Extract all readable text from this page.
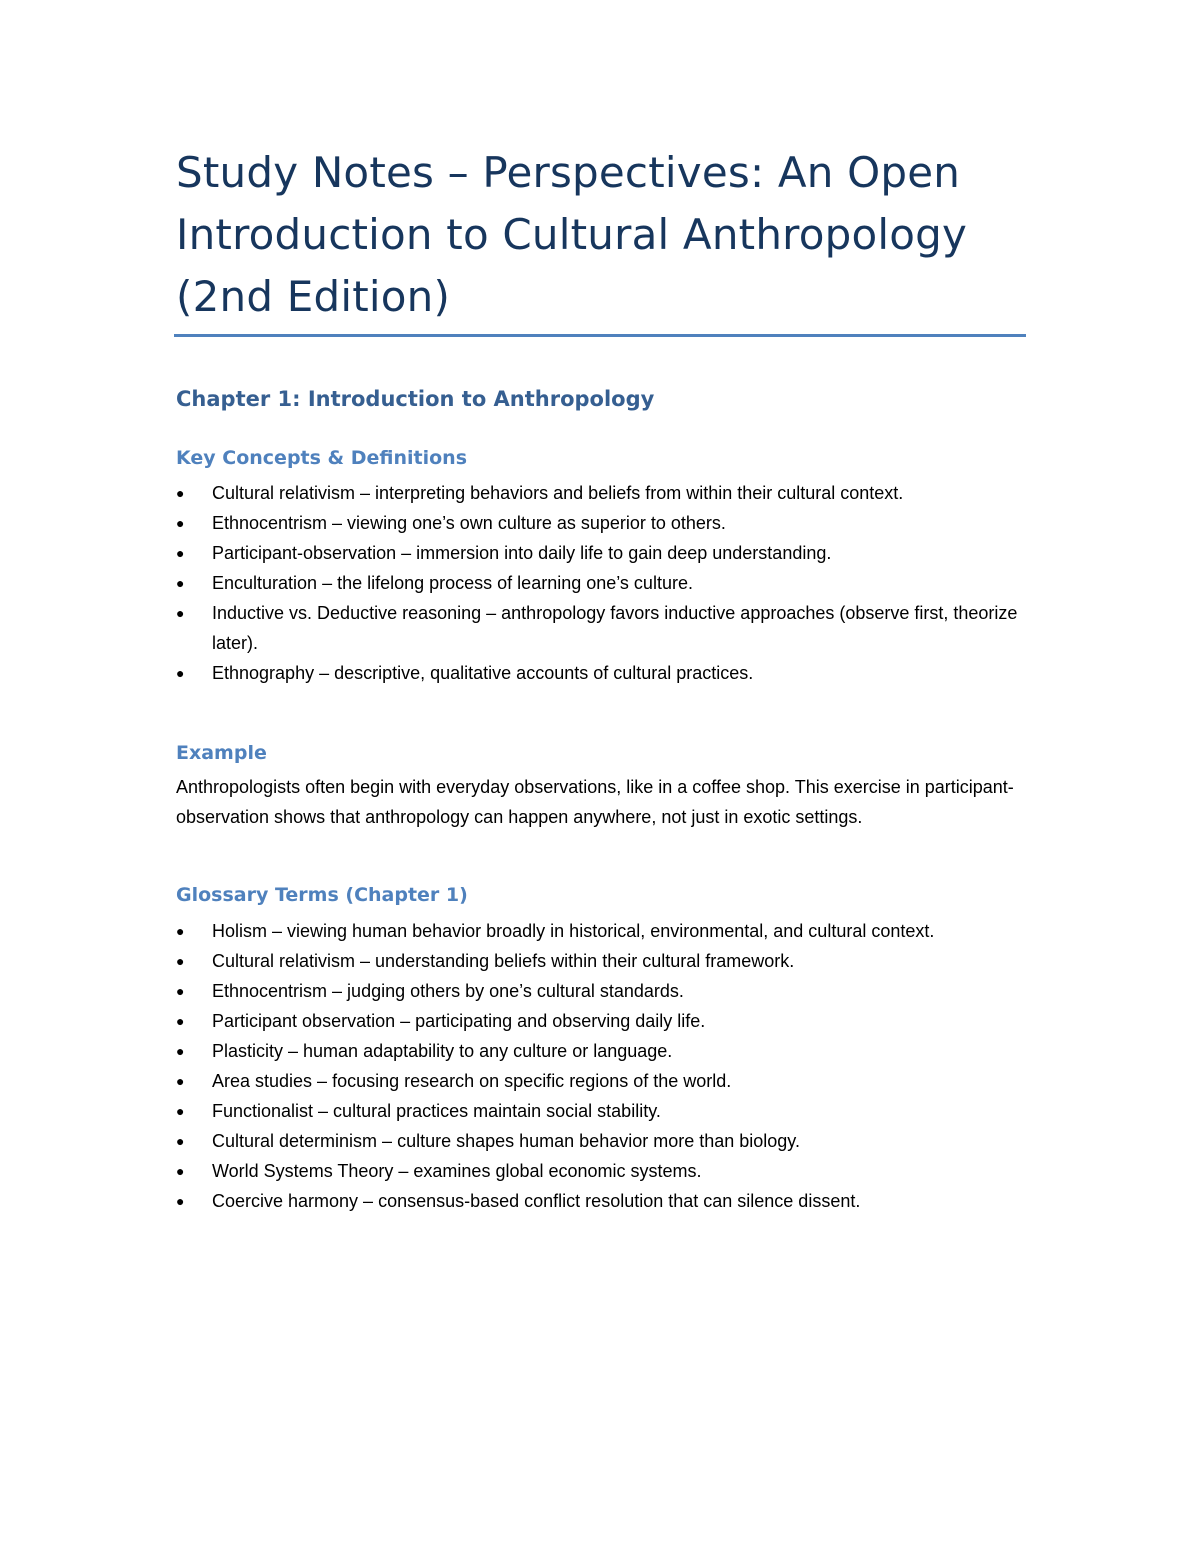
Study Notes – Perspectives: An Open Introduction to Cultural Anthropology (2nd Edition)
Chapter 1: Introduction to Anthropology
Key Concepts & Definitions
●	Cultural relativism – interpreting behaviors and beliefs from within their cultural context.
●	Ethnocentrism – viewing one’s own culture as superior to others.
●	Participant-observation – immersion into daily life to gain deep understanding.
●	Enculturation – the lifelong process of learning one’s culture.
●	Inductive vs. Deductive reasoning – anthropology favors inductive approaches (observe first, theorize later).
●	Ethnography – descriptive, qualitative accounts of cultural practices.
Example

Anthropologists often begin with everyday observations, like in a coffee shop. This exercise in participant-observation shows that anthropology can happen anywhere, not just in exotic settings.

Glossary Terms (Chapter 1)
●	Holism – viewing human behavior broadly in historical, environmental, and cultural context.
●	Cultural relativism – understanding beliefs within their cultural framework.
●	Ethnocentrism – judging others by one’s cultural standards.
●	Participant observation – participating and observing daily life.
●	Plasticity – human adaptability to any culture or language.
●	Area studies – focusing research on specific regions of the world.
●	Functionalist – cultural practices maintain social stability.
●	Cultural determinism – culture shapes human behavior more than biology.
●	World Systems Theory – examines global economic systems.
●	Coercive harmony – consensus-based conflict resolution that can silence dissent.
